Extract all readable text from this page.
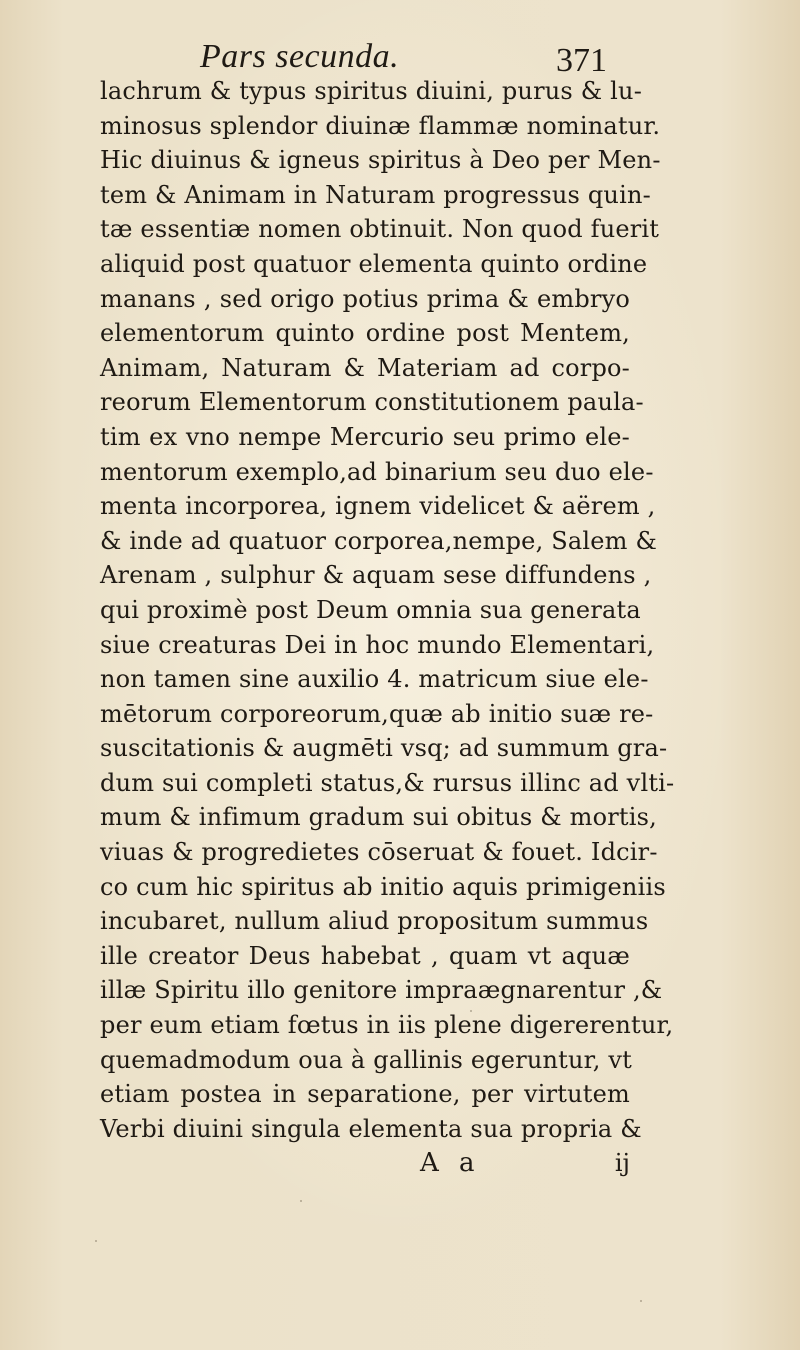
Pars secunda.	371
lachrum & typus spiritus diuini, purus & lu-
minosus splendor diuinæ flammæ nominatur.
Hic diuinus & igneus spiritus à Deo per Men-
tem & Animam in Naturam progressus quin-
tæ essentiæ nomen obtinuit. Non quod fuerit
aliquid post quatuor elementa quinto ordine
manans , sed origo potius prima & embryo
elementorum quinto ordine post Mentem,
Animam, Naturam & Materiam ad corpo-
reorum Elementorum constitutionem paula-
tim ex vno nempe Mercurio seu primo ele-
mentorum exemplo,ad binarium seu duo ele-
menta incorporea, ignem videlicet & aërem ,
& inde ad quatuor corporea,nempe, Salem &
Arenam , sulphur & aquam sese diffundens ,
qui proximè post Deum omnia sua generata
siue creaturas Dei in hoc mundo Elementari,
non tamen sine auxilio 4. matricum siue ele-
mētorum corporeorum,quæ ab initio suæ re-
suscitationis & augmēti vsq; ad summum gra-
dum sui completi status,& rursus illinc ad vlti-
mum & infimum gradum sui obitus & mortis,
viuas & progredietes cōseruat & fouet. Idcir-
co cum hic spiritus ab initio aquis primigeniis
incubaret, nullum aliud propositum summus
ille creator Deus habebat , quam vt aquæ
illæ Spiritu illo genitore impraægnarentur ,&
per eum etiam fœtus in iis plene digererentur,
quemadmodum oua à gallinis egeruntur, vt
etiam postea in separatione, per virtutem
Verbi diuini singula elementa sua propria &
A a	ij
